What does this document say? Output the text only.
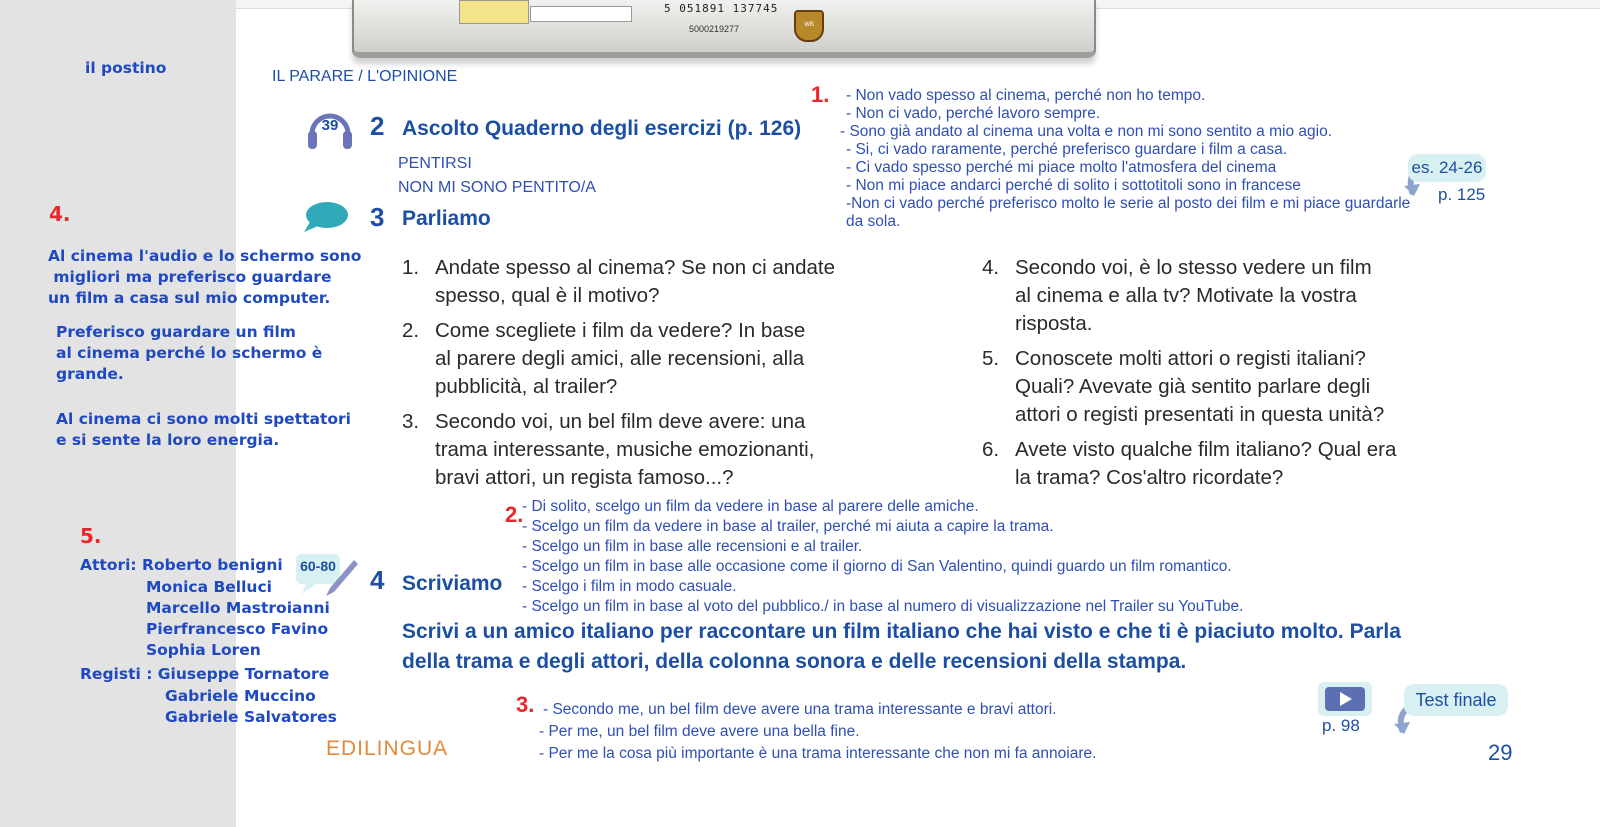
5 051891 137745
5000219277	WB
il postino
4.
Al cinema l'audio e lo schermo sono
migliori ma preferisco guardare
un film a casa sul mio computer.
Preferisco guardare un film
al cinema perché lo schermo è
grande.
Al cinema ci sono molti spettatori
e si sente la loro energia.
5.
Attori: Roberto benigni
Monica Belluci
Marcello Mastroianni
Pierfrancesco Favino
Sophia Loren
Registi : Giuseppe Tornatore
Gabriele Muccino
Gabriele Salvatores
IL PARARE / L'OPINIONE
39	2 Ascolto Quaderno degli esercizi (p. 126)
PENTIRSI
NON MI SONO PENTITO/A
3 Parliamo
1. Andate spesso al cinema? Se non ci andate
spesso, qual è il motivo?
2. Come scegliete i film da vedere? In base
al parere degli amici, alle recensioni, alla
pubblicità, al trailer?
3. Secondo voi, un bel film deve avere: una
trama interessante, musiche emozionanti,
bravi attori, un regista famoso...?
4. Secondo voi, è lo stesso vedere un film
al cinema e alla tv? Motivate la vostra
risposta.
5. Conoscete molti attori o registi italiani?
Quali? Avevate già sentito parlare degli
attori o registi presentati in questa unità?
6. Avete visto qualche film italiano? Qual era
la trama? Cos'altro ricordate?
1. - Non vado spesso al cinema, perché non ho tempo.
- Non ci vado, perché lavoro sempre.
- Sono già andato al cinema una volta e non mi sono sentito a mio agio.
- Si, ci vado raramente, perché preferisco guardare i film a casa.
- Ci vado spesso perché mi piace molto l'atmosfera del cinema
- Non mi piace andarci perché di solito i sottotitoli sono in francese
-Non ci vado perché preferisco molto le serie al posto dei film e mi piace guardarle
da sola.
es. 24-26
p. 125
2.
- Di solito, scelgo un film da vedere in base al parere delle amiche.
- Scelgo un film da vedere in base al trailer, perché mi aiuta a capire la trama.
- Scelgo un film in base alle recensioni e al trailer.
- Scelgo un film in base alle occasione come il giorno di San Valentino, quindi guardo un film romantico.
- Scelgo i film in modo casuale.
- Scelgo un film in base al voto del pubblico./ in base al numero di visualizzazione nel Trailer su YouTube.
60-80 4 Scriviamo
Scrivi a un amico italiano per raccontare un film italiano che hai visto e che ti è piaciuto molto. Parla
della trama e degli attori, della colonna sonora e delle recensioni della stampa.
3. - Secondo me, un bel film deve avere una trama interessante e bravi attori.
- Per me, un bel film deve avere una bella fine.
- Per me la cosa più importante è una trama interessante che non mi fa annoiare.
EDILINGUA
p. 98
Test finale
29
